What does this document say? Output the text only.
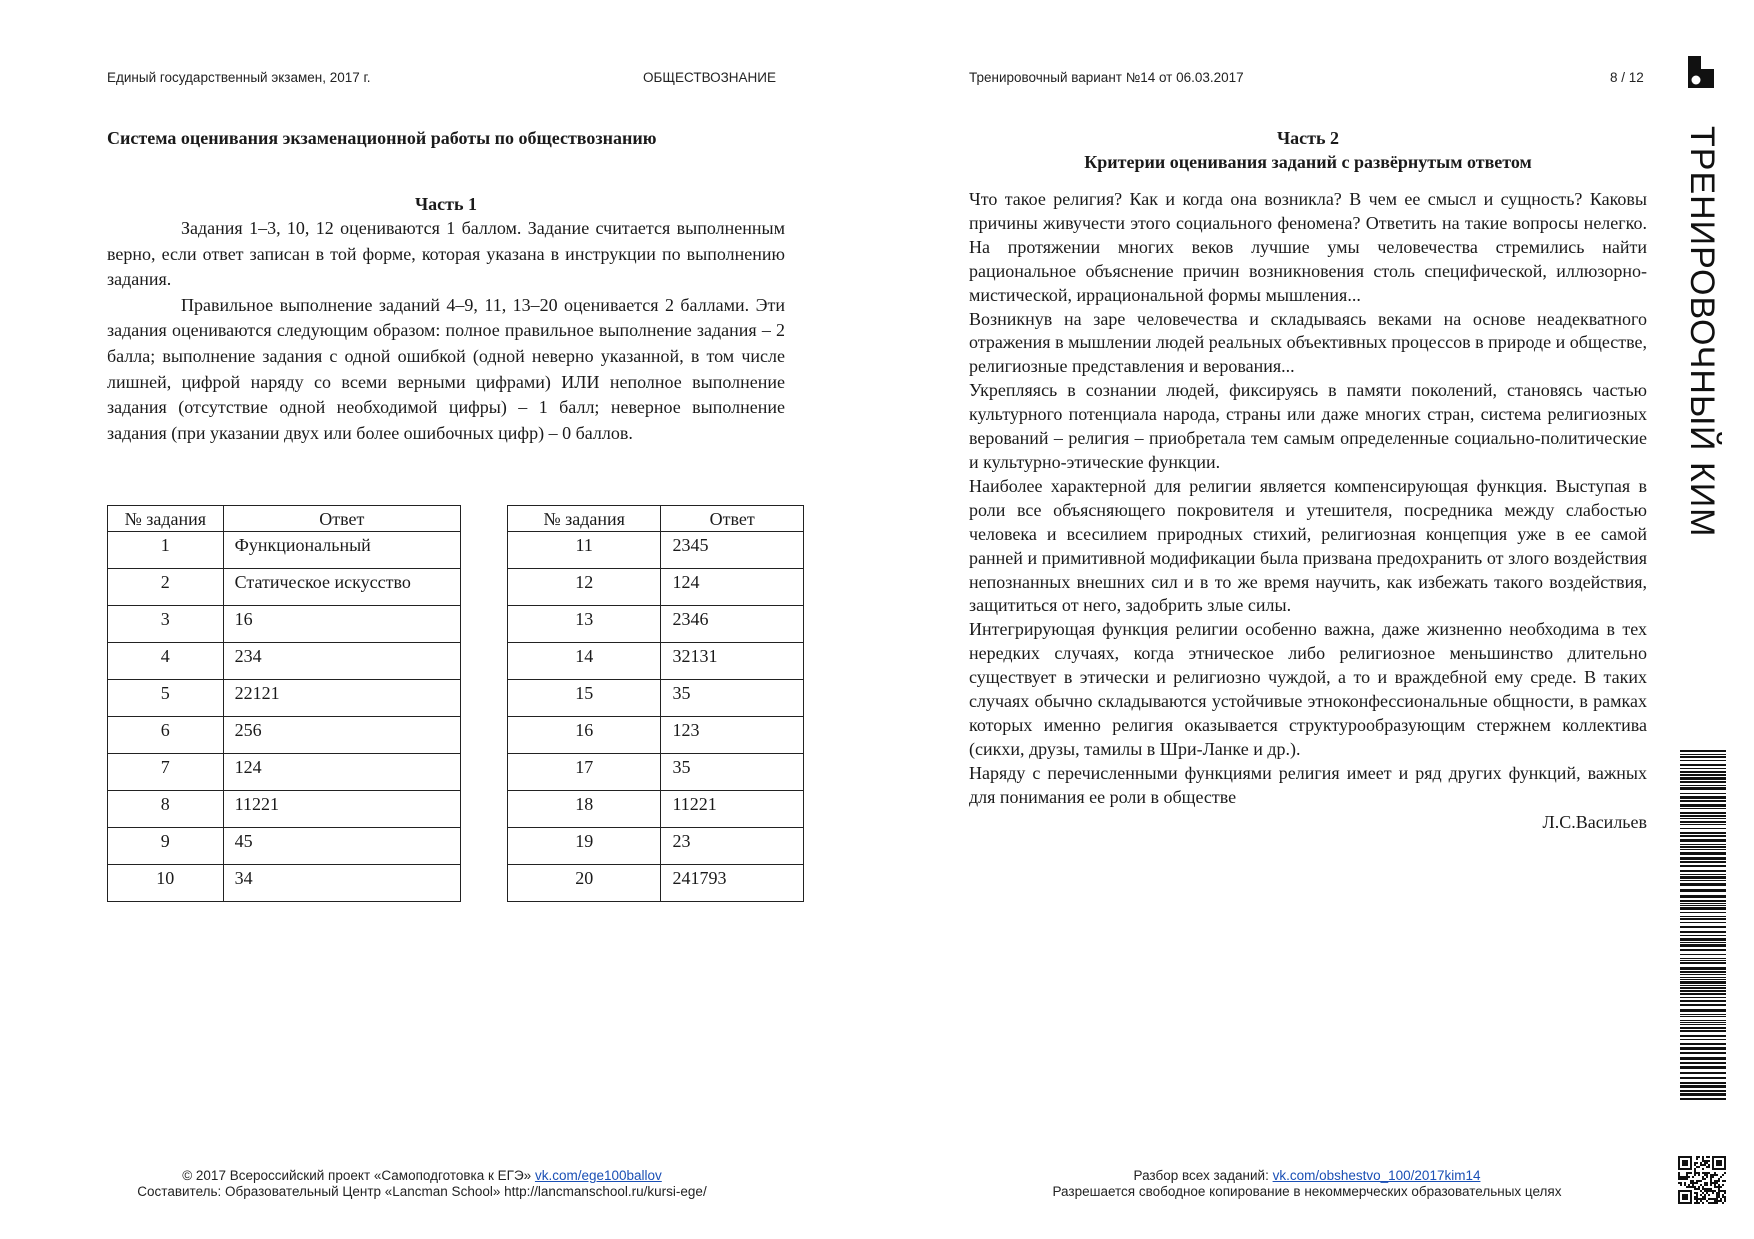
Единый государственный экзамен, 2017 г.	ОБЩЕСТВОЗНАНИЕ	Тренировочный вариант №14 от 06.03.2017	8 / 12

Система оценивания экзаменационной работы по обществознанию

Часть 1

Задания 1–3, 10, 12 оцениваются 1 баллом. Задание считается выполненным верно, если ответ записан в той форме, которая указана в инструкции по выполнению задания.

Правильное выполнение заданий 4–9, 11, 13–20 оценивается 2 баллами. Эти задания оцениваются следующим образом: полное правильное выполнение задания – 2 балла; выполнение задания с одной ошибкой (одной неверно указанной, в том числе лишней, цифрой наряду со всеми верными цифрами) ИЛИ неполное выполнение задания (отсутствие одной необходимой цифры) – 1 балл; неверное выполнение задания (при указании двух или более ошибочных цифр) – 0 баллов.

№ задания	Ответ
1	Функциональный
2	Статическое искусство
3	16
4	234
5	22121
6	256
7	124
8	11221
9	45
10	34
№ задания	Ответ
11	2345
12	124
13	2346
14	32131
15	35
16	123
17	35
18	11221
19	23
20	241793

Часть 2

Критерии оценивания заданий с развёрнутым ответом

Что такое религия? Как и когда она возникла? В чем ее смысл и сущность? Каковы причины живучести этого социального феномена? Ответить на такие вопросы нелегко. На протяжении многих веков лучшие умы человечества стремились найти рациональное объяснение причин возникновения столь специфической, иллюзорно-мистической, иррациональной формы мышления...

Возникнув на заре человечества и складываясь веками на основе неадекватного отражения в мышлении людей реальных объективных процессов в природе и обществе, религиозные представления и верования...

Укрепляясь в сознании людей, фиксируясь в памяти поколений, становясь частью культурного потенциала народа, страны или даже многих стран, система религиозных верований – религия – приобретала тем самым определенные социально-политические и культурно-этические функции.

Наиболее характерной для религии является компенсирующая функция. Выступая в роли все объясняющего покровителя и утешителя, посредника между слабостью человека и всесилием природных стихий, религиозная концепция уже в ее самой ранней и примитивной модификации была призвана предохранить от злого воздействия непознанных внешних сил и в то же время научить, как избежать такого воздействия, защититься от него, задобрить злые силы.

Интегрирующая функция религии особенно важна, даже жизненно необходима в тех нередких случаях, когда этническое либо религиозное меньшинство длительно существует в этически и религиозно чуждой, а то и враждебной ему среде. В таких случаях обычно складываются устойчивые этноконфессиональные общности, в рамках которых именно религия оказывается структурообразующим стержнем коллектива (сикхи, друзы, тамилы в Шри-Ланке и др.).

Наряду с перечисленными функциями религия имеет и ряд других функций, важных для понимания ее роли в обществе

Л.С.Васильев

ТРЕНИРОВОЧНЫЙ КИМ
© 2017 Всероссийский проект «Самоподготовка к ЕГЭ» vk.com/ege100ballov
Составитель: Образовательный Центр «Lancman School» http://lancmanschool.ru/kursi-ege/
Разбор всех заданий: vk.com/obshestvo_100/2017kim14
Разрешается свободное копирование в некоммерческих образовательных целях
